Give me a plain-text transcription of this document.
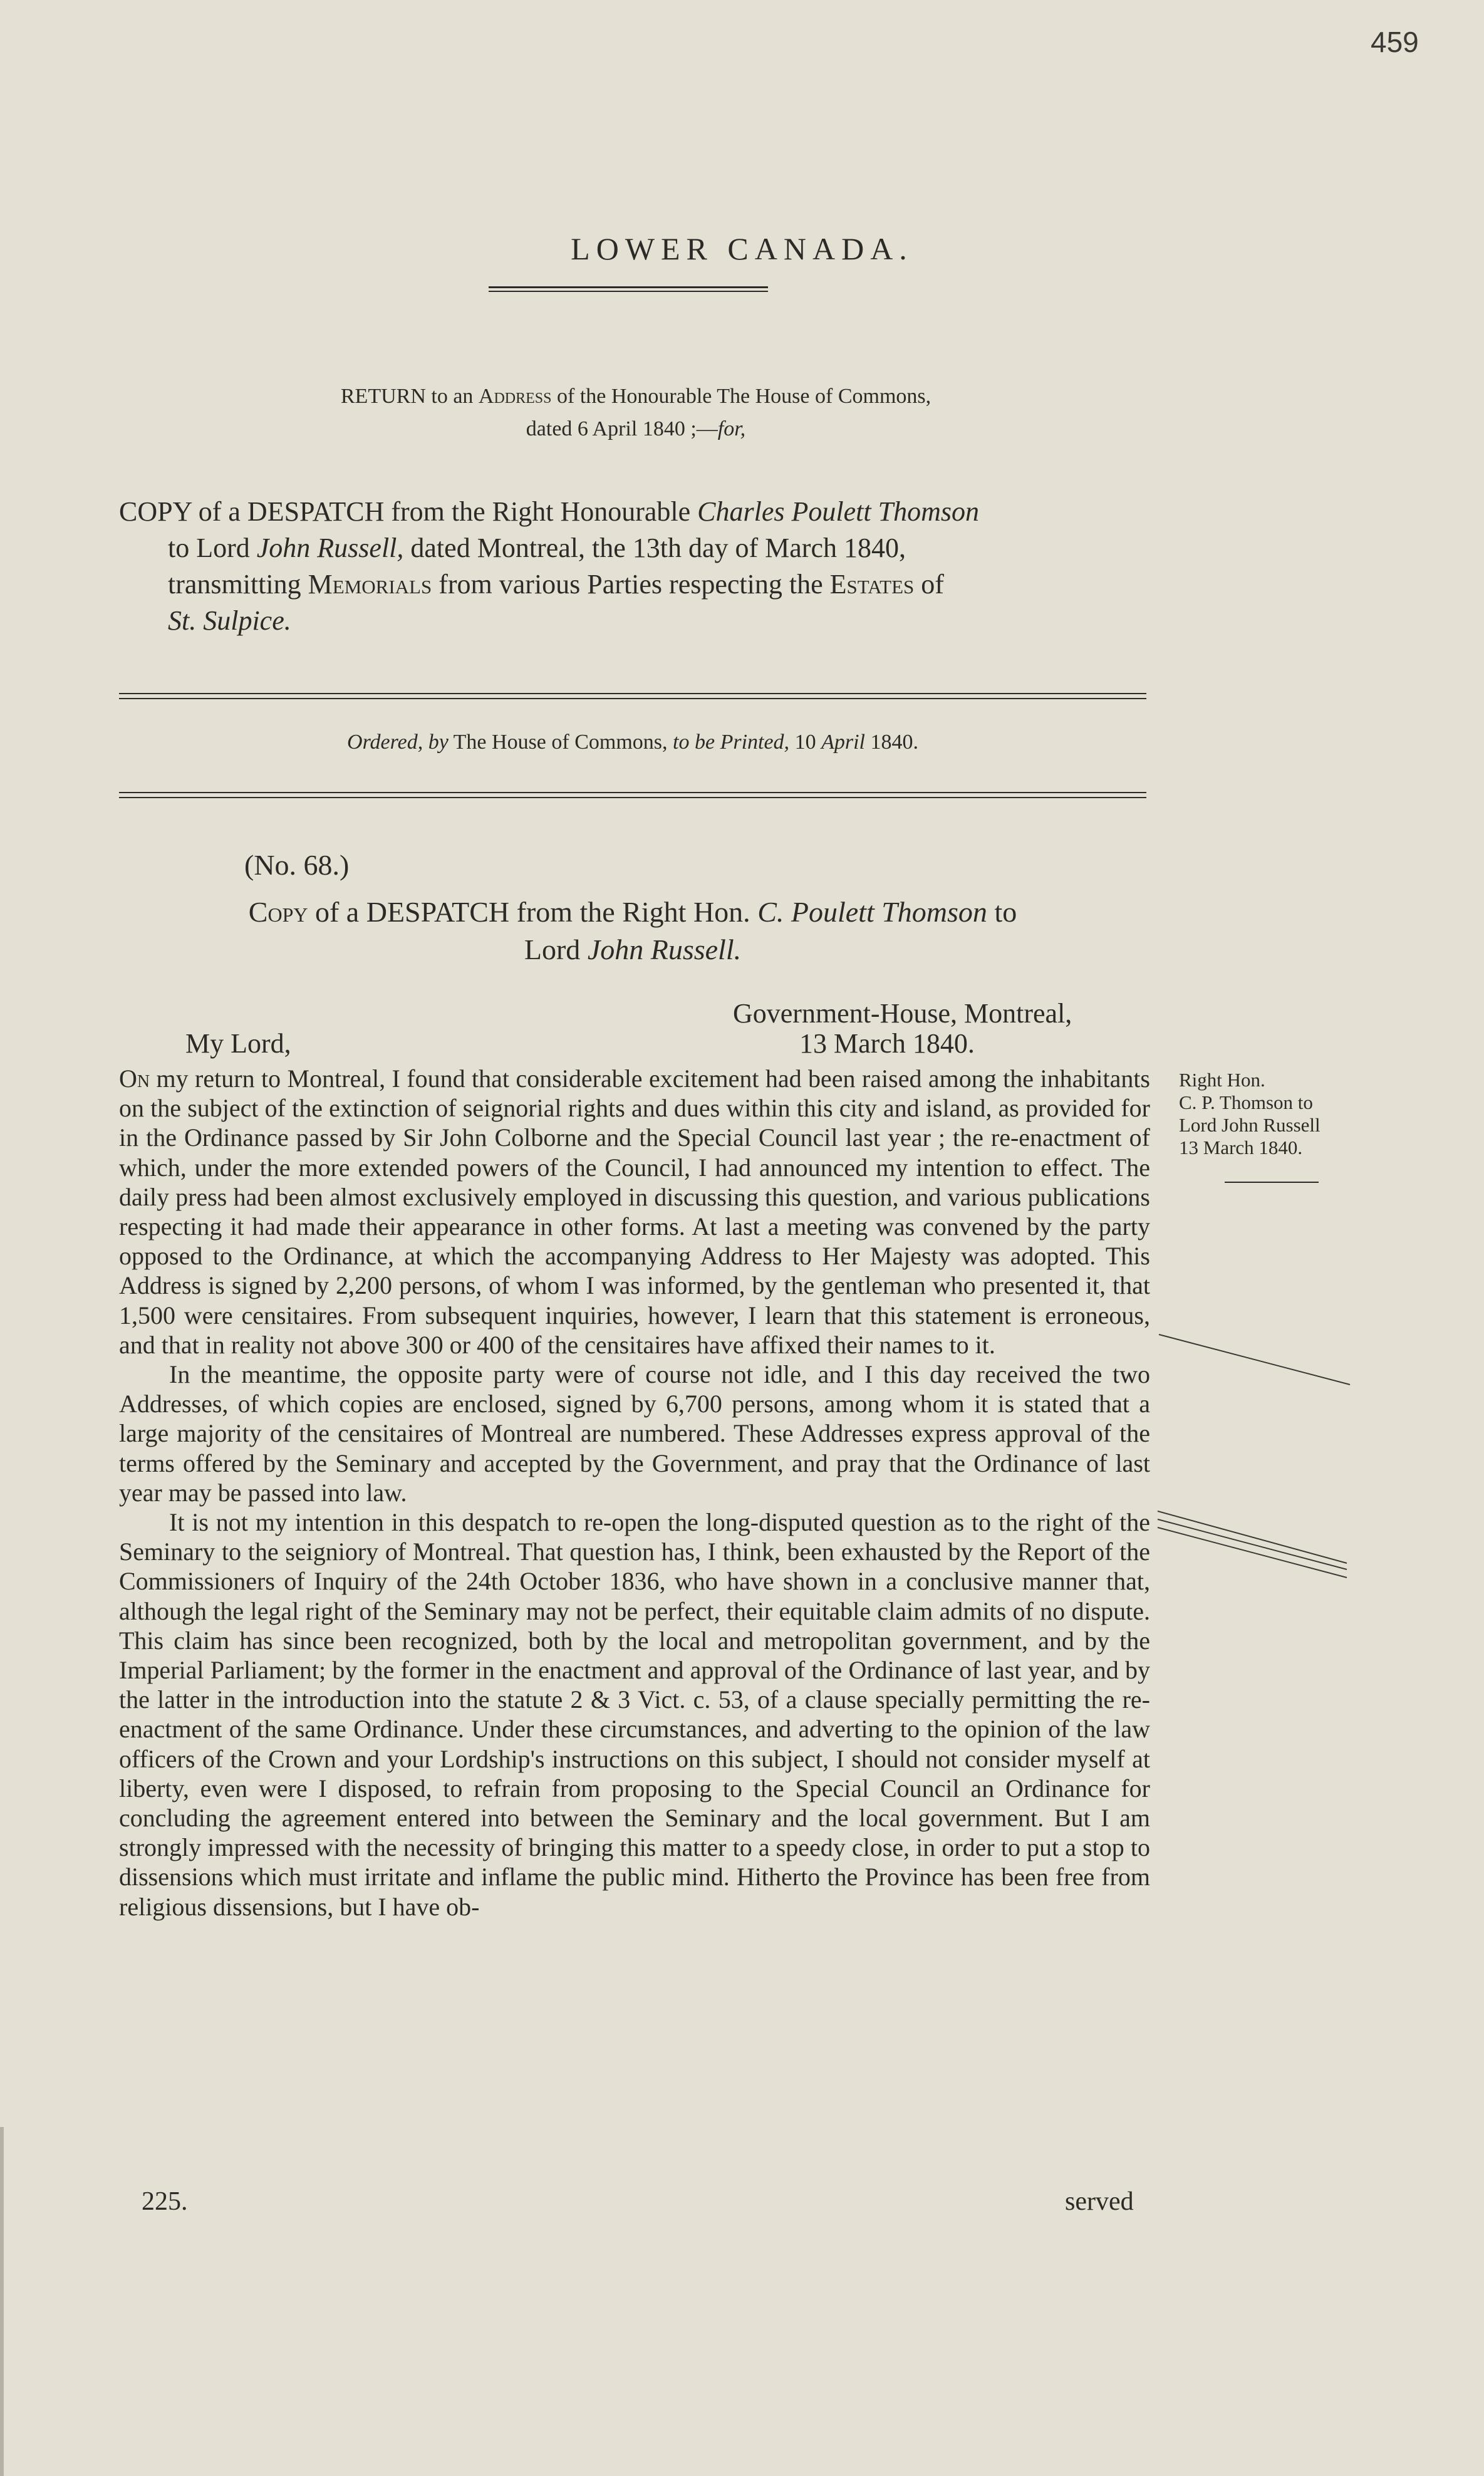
459
LOWER CANADA.
RETURN to an Address of the Honourable The House of Commons,
dated 6 April 1840 ;—for,
COPY of a DESPATCH from the Right Honourable Charles Poulett Thomson
to Lord John Russell, dated Montreal, the 13th day of March 1840,
transmitting Memorials from various Parties respecting the Estates of
St. Sulpice.
Ordered, by The House of Commons, to be Printed, 10 April 1840.
(No. 68.)
Copy of a DESPATCH from the Right Hon. C. Poulett Thomson to
Lord John Russell.
Government-House, Montreal,
My Lord,	13 March 1840.

On my return to Montreal, I found that considerable excitement had been raised among the inhabitants on the subject of the extinction of seignorial rights and dues within this city and island, as provided for in the Ordinance passed by Sir John Colborne and the Special Council last year ; the re-enactment of which, under the more extended powers of the Council, I had announced my intention to effect. The daily press had been almost exclusively employed in discussing this question, and various publications respecting it had made their appearance in other forms. At last a meeting was convened by the party opposed to the Ordinance, at which the accompanying Address to Her Majesty was adopted. This Address is signed by 2,200 persons, of whom I was informed, by the gentleman who presented it, that 1,500 were censitaires. From subsequent inquiries, however, I learn that this statement is erroneous, and that in reality not above 300 or 400 of the censitaires have affixed their names to it.

In the meantime, the opposite party were of course not idle, and I this day received the two Addresses, of which copies are enclosed, signed by 6,700 persons, among whom it is stated that a large majority of the censitaires of Montreal are numbered. These Addresses express approval of the terms offered by the Seminary and accepted by the Government, and pray that the Ordinance of last year may be passed into law.

It is not my intention in this despatch to re-open the long-disputed question as to the right of the Seminary to the seigniory of Montreal. That question has, I think, been exhausted by the Report of the Commissioners of Inquiry of the 24th October 1836, who have shown in a conclusive manner that, although the legal right of the Seminary may not be perfect, their equitable claim admits of no dispute. This claim has since been recognized, both by the local and metropolitan government, and by the Imperial Parliament; by the former in the enactment and approval of the Ordinance of last year, and by the latter in the introduction into the statute 2 & 3 Vict. c. 53, of a clause specially permitting the re-enactment of the same Ordinance. Under these circumstances, and adverting to the opinion of the law officers of the Crown and your Lordship's instructions on this subject, I should not consider myself at liberty, even were I disposed, to refrain from proposing to the Special Council an Ordinance for concluding the agreement entered into between the Seminary and the local government. But I am strongly impressed with the necessity of bringing this matter to a speedy close, in order to put a stop to dissensions which must irritate and inflame the public mind. Hitherto the Province has been free from religious dissensions, but I have ob-

225.	served
Right Hon.
C. P. Thomson to
Lord John Russell
13 March 1840.
